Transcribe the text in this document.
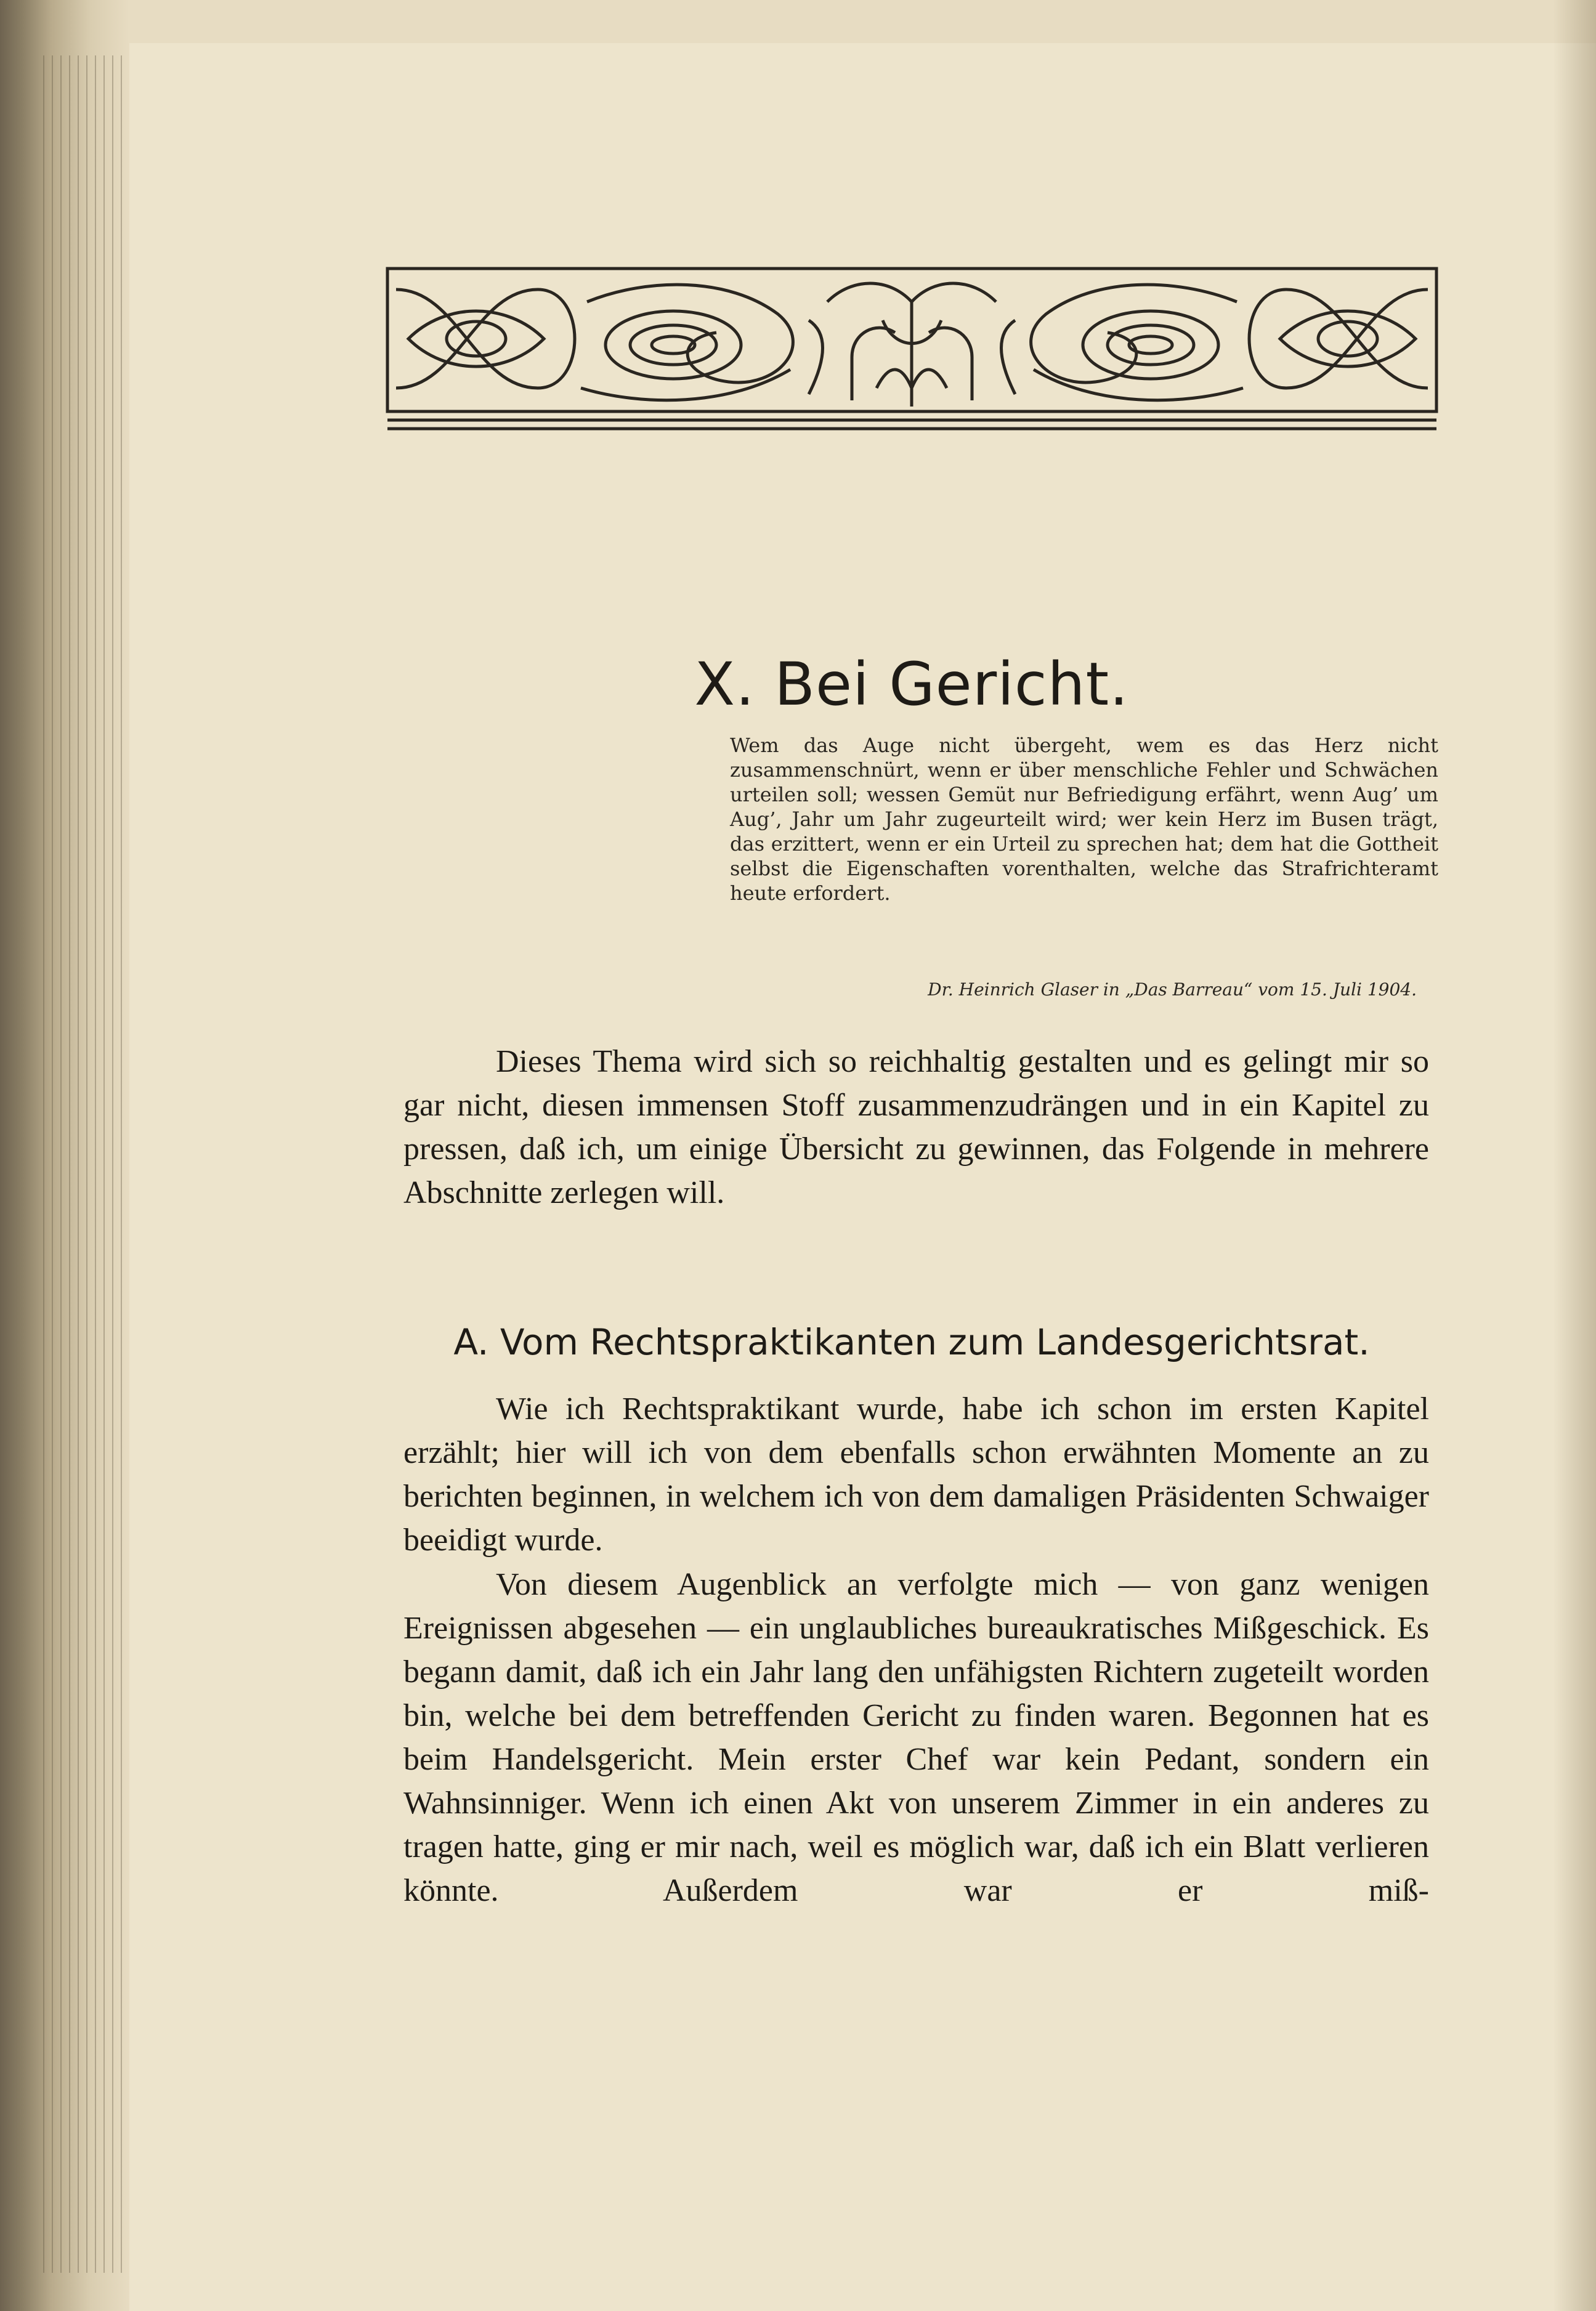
X. Bei Gericht.
Wem das Auge nicht übergeht, wem es das Herz nicht zusammenschnürt, wenn er über menschliche Fehler und Schwächen urteilen soll; wessen Gemüt nur Befriedigung erfährt, wenn Aug’ um Aug’, Jahr um Jahr zugeurteilt wird; wer kein Herz im Busen trägt, das erzittert, wenn er ein Urteil zu sprechen hat; dem hat die Gottheit selbst die Eigenschaften vorenthalten, welche das Strafrichteramt heute erfordert.
Dr. Heinrich Glaser in „Das Barreau“ vom 15. Juli 1904.
Dieses Thema wird sich so reichhaltig gestalten und es gelingt mir so gar nicht, diesen immensen Stoff zusammenzudrängen und in ein Kapitel zu pressen, daß ich, um einige Übersicht zu gewinnen, das Folgende in mehrere Abschnitte zerlegen will.
A. Vom Rechtspraktikanten zum Landesgerichtsrat.
Wie ich Rechtspraktikant wurde, habe ich schon im ersten Kapitel erzählt; hier will ich von dem ebenfalls schon erwähnten Momente an zu berichten beginnen, in welchem ich von dem damaligen Präsidenten Schwaiger beeidigt wurde.
Von diesem Augenblick an verfolgte mich — von ganz wenigen Ereignissen abgesehen — ein unglaubliches bureaukratisches Mißgeschick. Es begann damit, daß ich ein Jahr lang den unfähigsten Richtern zugeteilt worden bin, welche bei dem betreffenden Gericht zu finden waren. Begonnen hat es beim Handelsgericht. Mein erster Chef war kein Pedant, sondern ein Wahnsinniger. Wenn ich einen Akt von unserem Zimmer in ein anderes zu tragen hatte, ging er mir nach, weil es möglich war, daß ich ein Blatt verlieren könnte. Außerdem war er miß-
